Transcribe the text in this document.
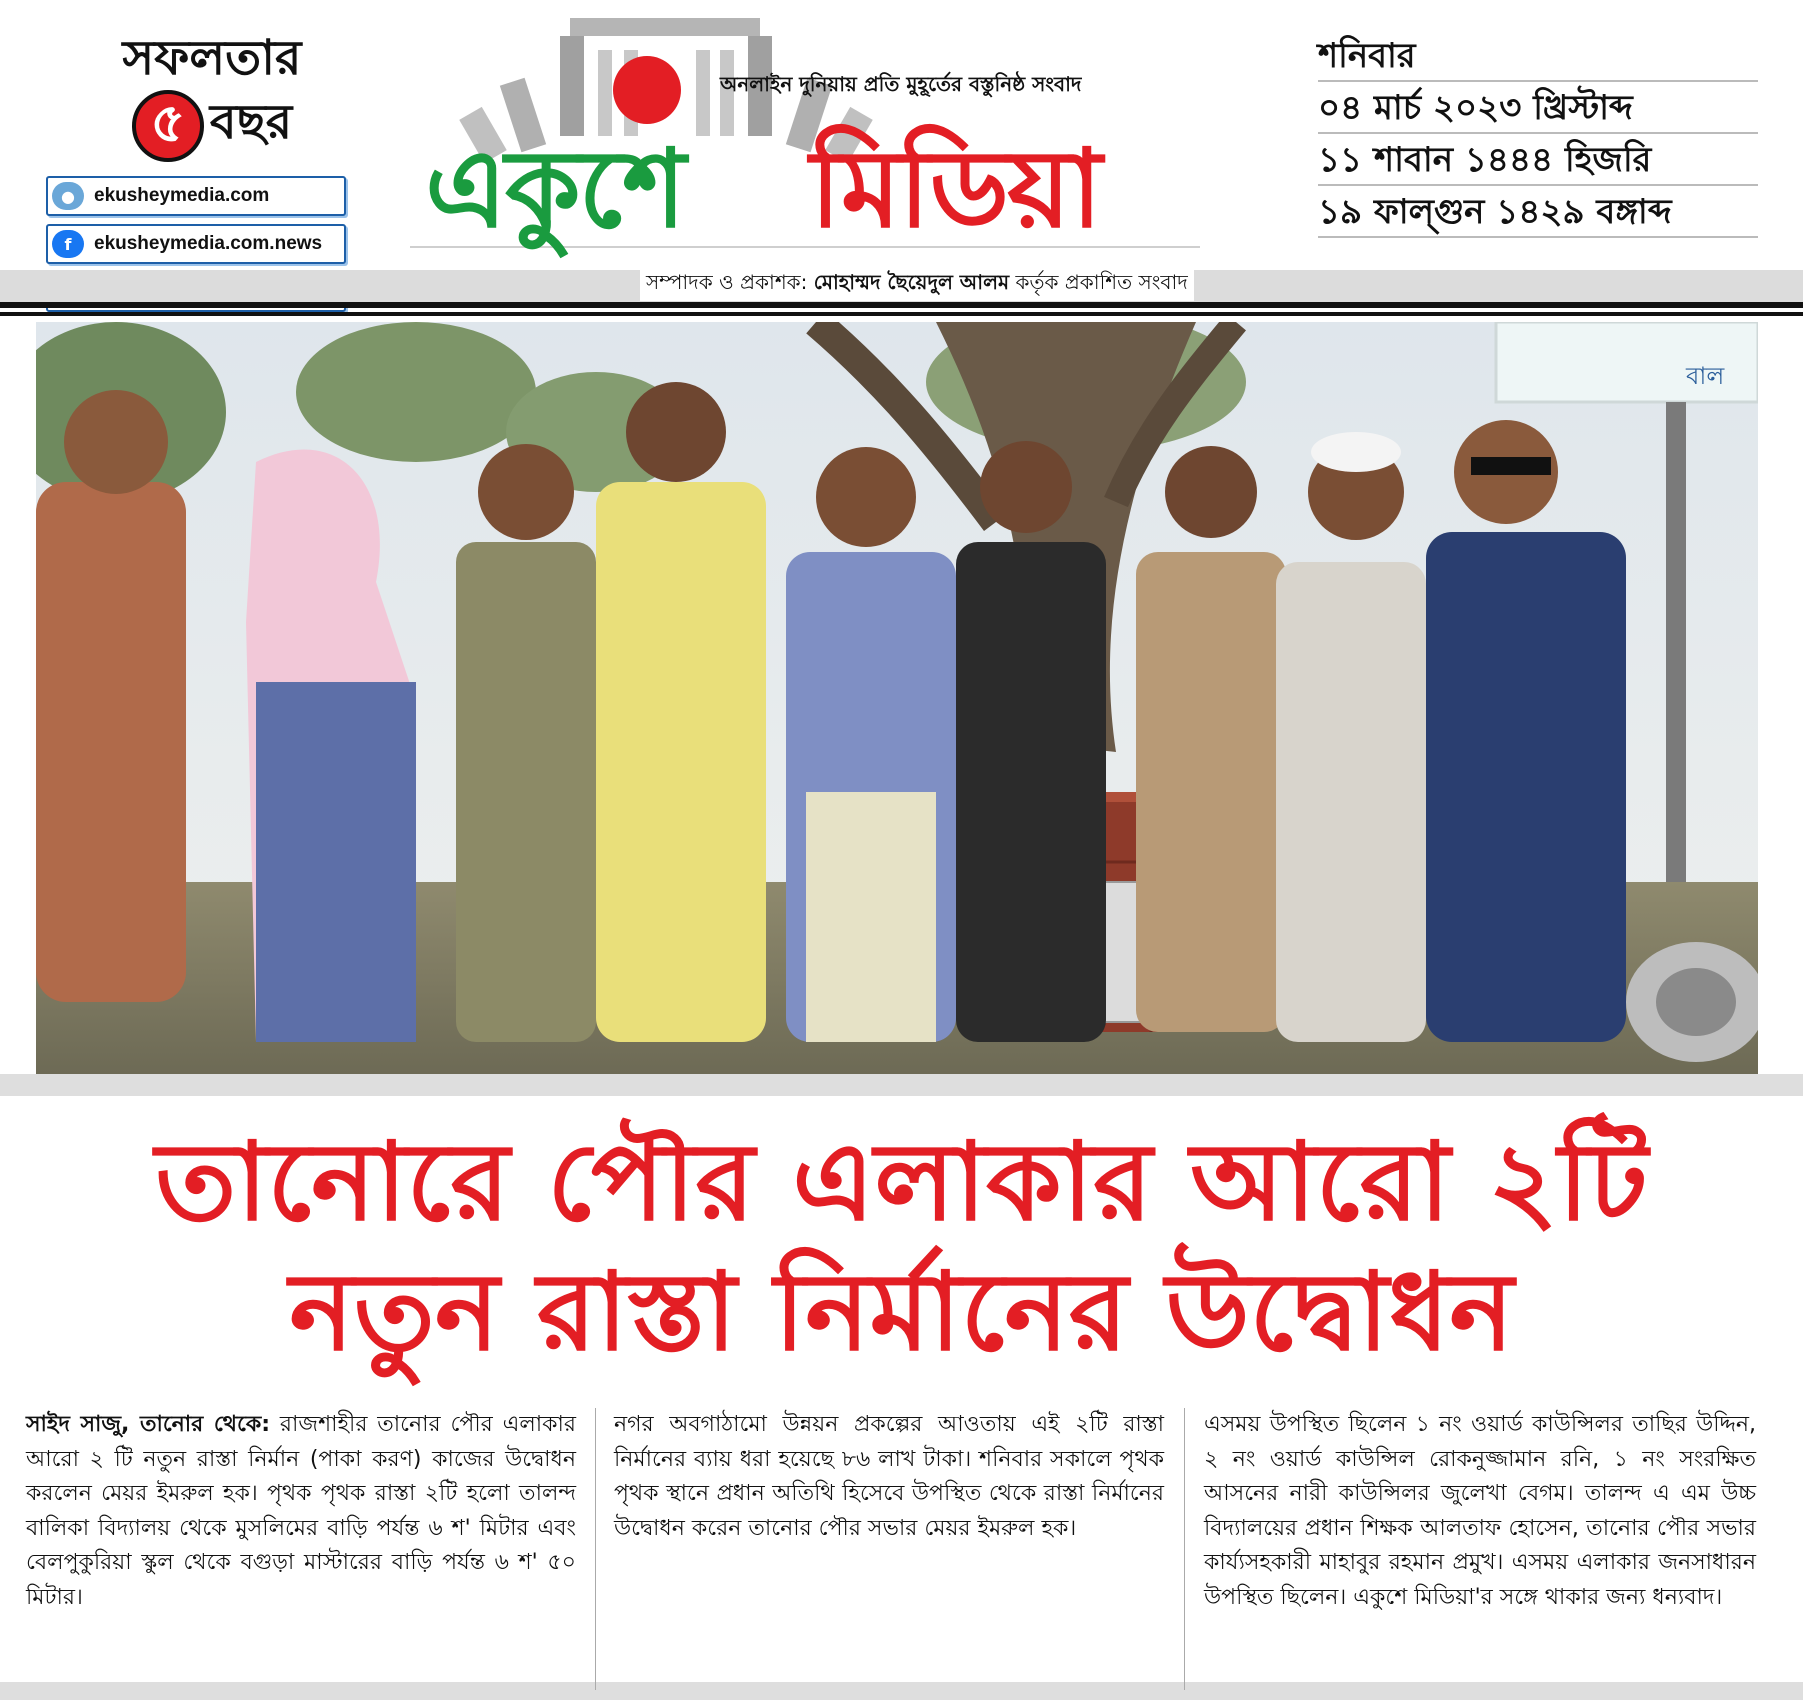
সফলতার
৫ বছর
●	ekusheymedia.com
f	ekusheymedia.com.news
অনলাইন দুনিয়ায় প্রতি মুহূর্তের বস্তুনিষ্ঠ সংবাদ
একুশে মিডিয়া
শনিবার
০৪ মার্চ ২০২৩ খ্রিস্টাব্দ
১১ শাবান ১৪৪৪ হিজরি
১৯ ফাল্গুন ১৪২৯ বঙ্গাব্দ
সম্পাদক ও প্রকাশক: মোহাম্মদ ছৈয়েদুল আলম কর্তৃক প্রকাশিত সংবাদ
বাল
তানোরে পৌর এলাকার আরো ২টি
নতুন রাস্তা নির্মানের উদ্বোধন
সাইদ সাজু, তানোর থেকে: রাজশাহীর তানোর পৌর এলাকার আরো ২ টি নতুন রাস্তা নির্মান (পাকা করণ) কাজের উদ্বোধন করলেন মেয়র ইমরুল হক। পৃথক পৃথক রাস্তা ২টি হলো তালন্দ বালিকা বিদ্যালয় থেকে মুসলিমের বাড়ি পর্যন্ত ৬ শ' মিটার এবং বেলপুকুরিয়া স্কুল থেকে বগুড়া মাস্টারের বাড়ি পর্যন্ত ৬ শ' ৫০ মিটার।
নগর অবগাঠামো উন্নয়ন প্রকল্পের আওতায় এই ২টি রাস্তা নির্মানের ব্যায় ধরা হয়েছে ৮৬ লাখ টাকা। শনিবার সকালে পৃথক পৃথক স্থানে প্রধান অতিথি হিসেবে উপস্থিত থেকে রাস্তা নির্মানের উদ্বোধন করেন তানোর পৌর সভার মেয়র ইমরুল হক।
এসময় উপস্থিত ছিলেন ১ নং ওয়ার্ড কাউন্সিলর তাছির উদ্দিন, ২ নং ওয়ার্ড কাউন্সিল রোকনুজ্জামান রনি, ১ নং সংরক্ষিত আসনের নারী কাউন্সিলর জুলেখা বেগম। তালন্দ এ এম উচ্চ বিদ্যালয়ের প্রধান শিক্ষক আলতাফ হোসেন, তানোর পৌর সভার কার্য্যসহকারী মাহাবুর রহমান প্রমুখ। এসময় এলাকার জনসাধারন উপস্থিত ছিলেন। একুশে মিডিয়া'র সঙ্গে থাকার জন্য ধন্যবাদ।
